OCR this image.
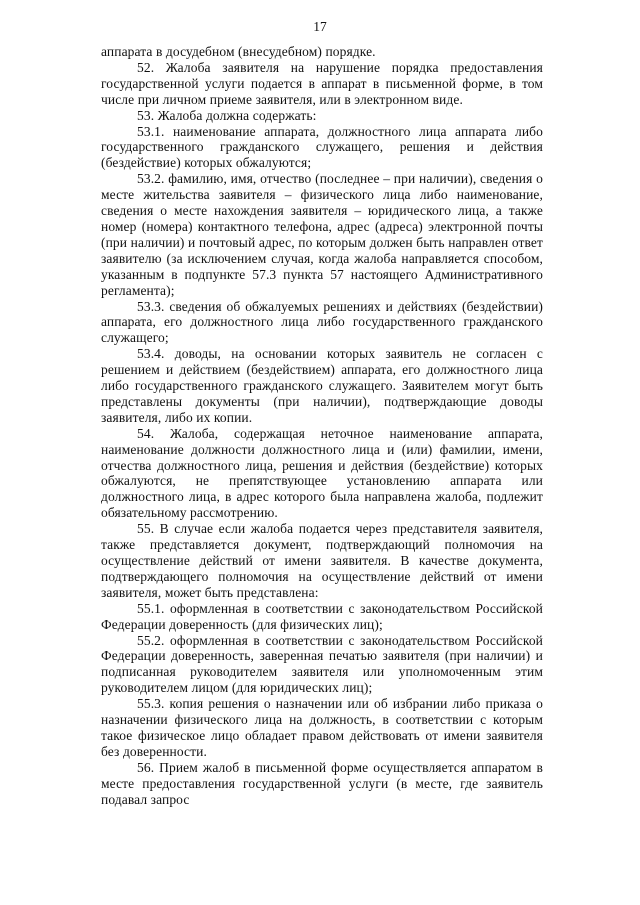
17

аппарата в досудебном (внесудебном) порядке.

52. Жалоба заявителя на нарушение порядка предоставления государственной услуги подается в аппарат в письменной форме, в том числе при личном приеме заявителя, или в электронном виде.

53. Жалоба должна содержать:

53.1. наименование аппарата, должностного лица аппарата либо государственного гражданского служащего, решения и действия (бездействие) которых обжалуются;

53.2. фамилию, имя, отчество (последнее – при наличии), сведения о месте жительства заявителя – физического лица либо наименование, сведения о месте нахождения заявителя – юридического лица, а также номер (номера) контактного телефона, адрес (адреса) электронной почты (при наличии) и почтовый адрес, по которым должен быть направлен ответ заявителю (за исключением случая, когда жалоба направляется способом, указанным в подпункте 57.3 пункта 57 настоящего Административного регламента);

53.3. сведения об обжалуемых решениях и действиях (бездействии) аппарата, его должностного лица либо государственного гражданского служащего;

53.4. доводы, на основании которых заявитель не согласен с решением и действием (бездействием) аппарата, его должностного лица либо государственного гражданского служащего. Заявителем могут быть представлены документы (при наличии), подтверждающие доводы заявителя, либо их копии.

54. Жалоба, содержащая неточное наименование аппарата, наименование должности должностного лица и (или) фамилии, имени, отчества должностного лица, решения и действия (бездействие) которых обжалуются, не препятствующее установлению аппарата или должностного лица, в адрес которого была направлена жалоба, подлежит обязательному рассмотрению.

55. В случае если жалоба подается через представителя заявителя, также представляется документ, подтверждающий полномочия на осуществление действий от имени заявителя. В качестве документа, подтверждающего полномочия на осуществление действий от имени заявителя, может быть представлена:

55.1. оформленная в соответствии с законодательством Российской Федерации доверенность (для физических лиц);

55.2. оформленная в соответствии с законодательством Российской Федерации доверенность, заверенная печатью заявителя (при наличии) и подписанная руководителем заявителя или уполномоченным этим руководителем лицом (для юридических лиц);

55.3. копия решения о назначении или об избрании либо приказа о назначении физического лица на должность, в соответствии с которым такое физическое лицо обладает правом действовать от имени заявителя без доверенности.

56. Прием жалоб в письменной форме осуществляется аппаратом в месте предоставления государственной услуги (в месте, где заявитель подавал запрос
